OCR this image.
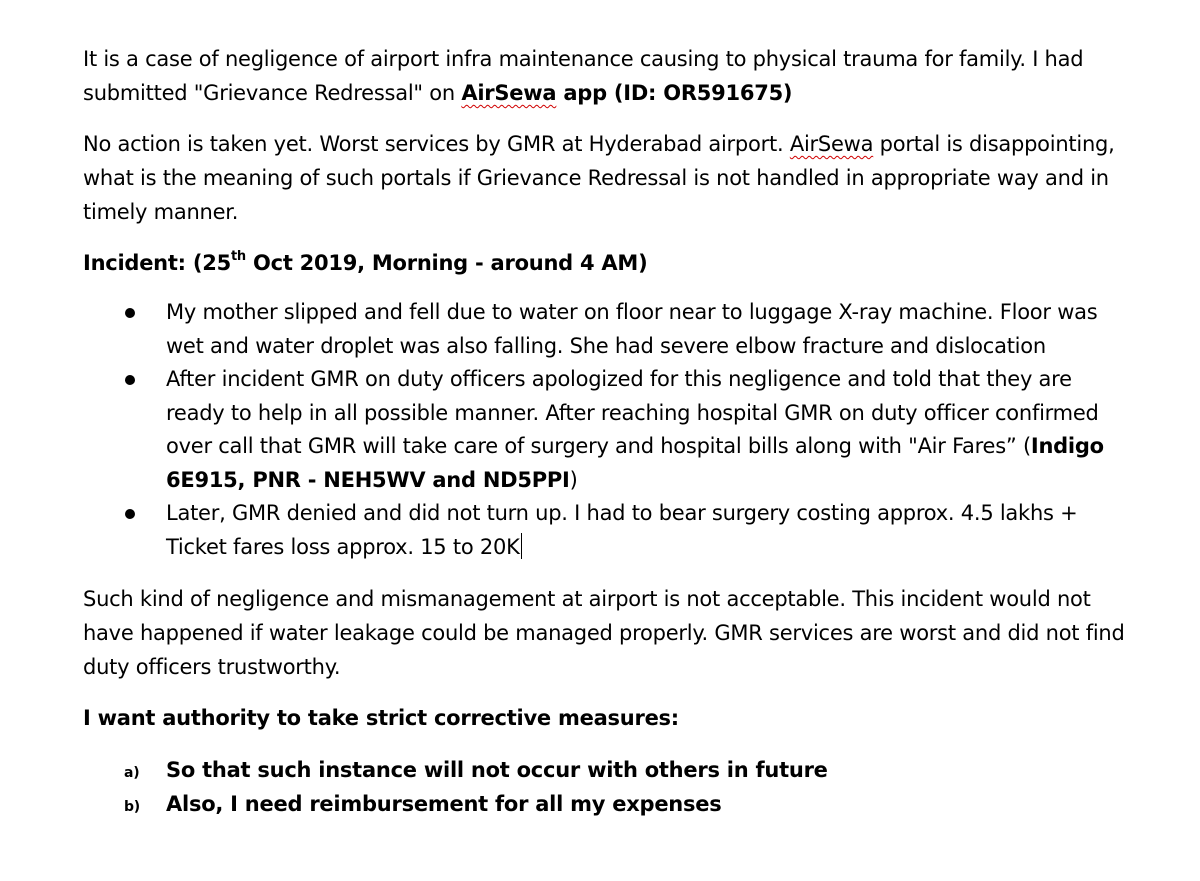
It is a case of negligence of airport infra maintenance causing to physical trauma for family. I had submitted "Grievance Redressal" on AirSewa app (ID: OR591675)

No action is taken yet. Worst services by GMR at Hyderabad airport. AirSewa portal is disappointing, what is the meaning of such portals if Grievance Redressal is not handled in appropriate way and in timely manner.

Incident: (25th Oct 2019, Morning - around 4 AM)

My mother slipped and fell due to water on floor near to luggage X-ray machine. Floor was wet and water droplet was also falling. She had severe elbow fracture and dislocation
After incident GMR on duty officers apologized for this negligence and told that they are ready to help in all possible manner. After reaching hospital GMR on duty officer confirmed over call that GMR will take care of surgery and hospital bills along with "Air Fares” (Indigo 6E915, PNR - NEH5WV and ND5PPI)
Later, GMR denied and did not turn up. I had to bear surgery costing approx. 4.5 lakhs + Ticket fares loss approx. 15 to 20K

Such kind of negligence and mismanagement at airport is not acceptable. This incident would not have happened if water leakage could be managed properly. GMR services are worst and did not find duty officers trustworthy.

I want authority to take strict corrective measures:

a) So that such instance will not occur with others in future
b) Also, I need reimbursement for all my expenses
